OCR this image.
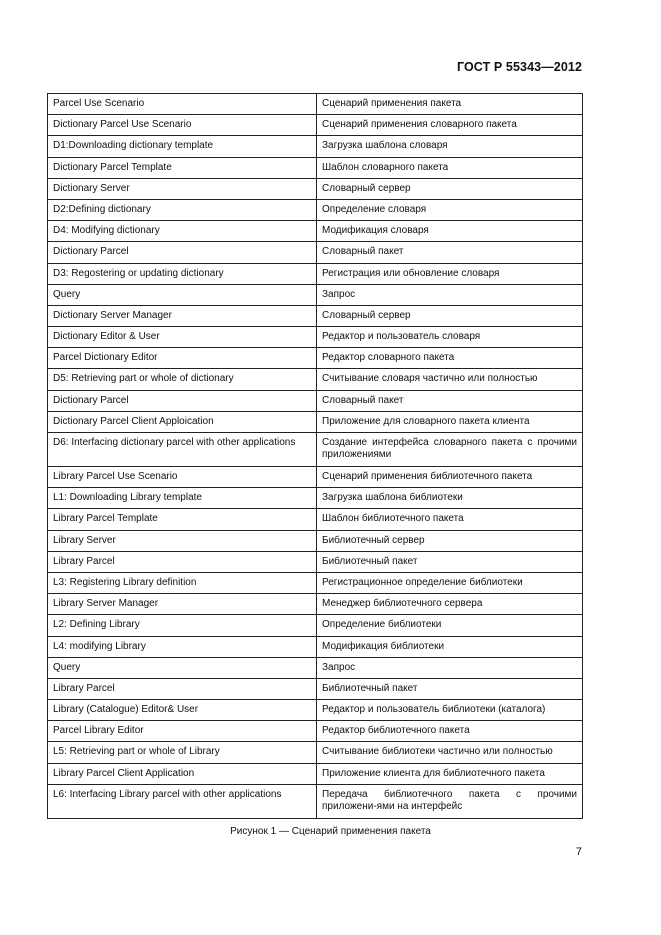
ГОСТ Р 55343—2012
Parcel Use Scenario	Сценарий применения пакета
Dictionary Parcel Use Scenario	Сценарий применения словарного пакета
D1:Downloading dictionary template	Загрузка шаблона словаря
Dictionary Parcel Template	Шаблон словарного пакета
Dictionary Server	Словарный сервер
D2:Defining dictionary	Определение словаря
D4: Modifying dictionary	Модификация словаря
Dictionary Parcel	Словарный пакет
D3: Regostering or updating dictionary	Регистрация или обновление словаря
Query	Запрос
Dictionary Server Manager	Словарный сервер
Dictionary Editor & User	Редактор и пользователь словаря
Parcel Dictionary Editor	Редактор словарного пакета
D5: Retrieving part or whole of dictionary	Считывание словаря частично или полностью
Dictionary Parcel	Словарный пакет
Dictionary Parcel Client Apploication	Приложение для словарного пакета клиента
D6: Interfacing dictionary parcel with other applications	Создание интерфейса словарного пакета с прочими приложениями
Library Parcel Use Scenario	Сценарий применения библиотечного пакета
L1: Downloading Library template	Загрузка шаблона библиотеки
Library Parcel Template	Шаблон библиотечного пакета
Library Server	Библиотечный сервер
Library Parcel	Библиотечный пакет
L3: Registering Library definition	Регистрационное определение библиотеки
Library Server Manager	Менеджер библиотечного сервера
L2: Defining Library	Определение библиотеки
L4: modifying Library	Модификация библиотеки
Query	Запрос
Library Parcel	Библиотечный пакет
Library (Catalogue) Editor& User	Редактор и пользователь библиотеки (каталога)
Parcel Library Editor	Редактор библиотечного пакета
L5: Retrieving part or whole of Library	Считывание библиотеки частично или полностью
Library Parcel Client Application	Приложение клиента для библиотечного пакета
L6: Interfacing Library parcel with other applications	Передача библиотечного пакета с прочими приложени-ями на интерфейс
Рисунок 1 — Сценарий применения пакета
7
